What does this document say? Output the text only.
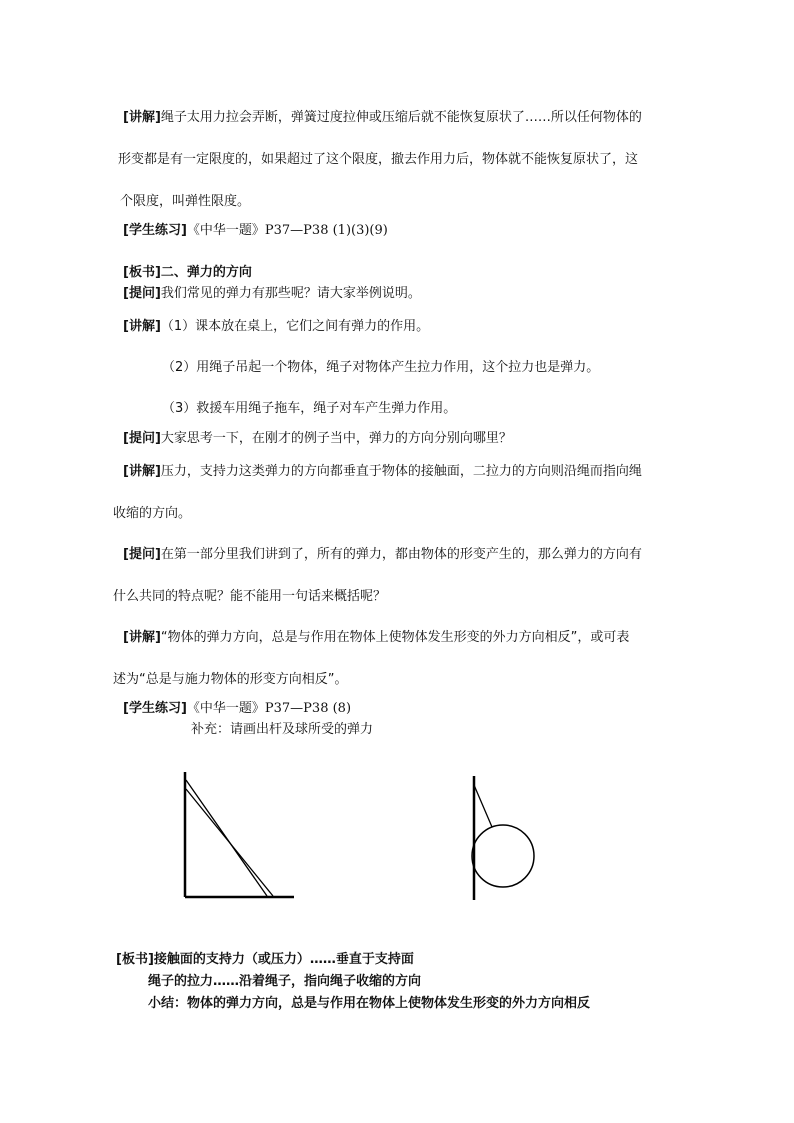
[讲解]绳子太用力拉会弄断，弹簧过度拉伸或压缩后就不能恢复原状了……所以任何物体的
形变都是有一定限度的，如果超过了这个限度，撤去作用力后，物体就不能恢复原状了，这
个限度，叫弹性限度。
[学生练习]《中华一题》P37—P38 (1)(3)(9)
[板书]二、弹力的方向
[提问]我们常见的弹力有那些呢？请大家举例说明。
[讲解]（1）课本放在桌上，它们之间有弹力的作用。
（2）用绳子吊起一个物体，绳子对物体产生拉力作用，这个拉力也是弹力。
（3）救援车用绳子拖车，绳子对车产生弹力作用。
[提问]大家思考一下，在刚才的例子当中，弹力的方向分别向哪里？
[讲解]压力，支持力这类弹力的方向都垂直于物体的接触面，二拉力的方向则沿绳而指向绳
收缩的方向。
[提问]在第一部分里我们讲到了，所有的弹力，都由物体的形变产生的，那么弹力的方向有
什么共同的特点呢？能不能用一句话来概括呢？
[讲解]“物体的弹力方向，总是与作用在物体上使物体发生形变的外力方向相反”，或可表
述为“总是与施力物体的形变方向相反”。
[学生练习]《中华一题》P37—P38 (8)
补充：请画出杆及球所受的弹力
[板书]接触面的支持力（或压力）……垂直于支持面
绳子的拉力……沿着绳子，指向绳子收缩的方向
小结：物体的弹力方向，总是与作用在物体上使物体发生形变的外力方向相反
